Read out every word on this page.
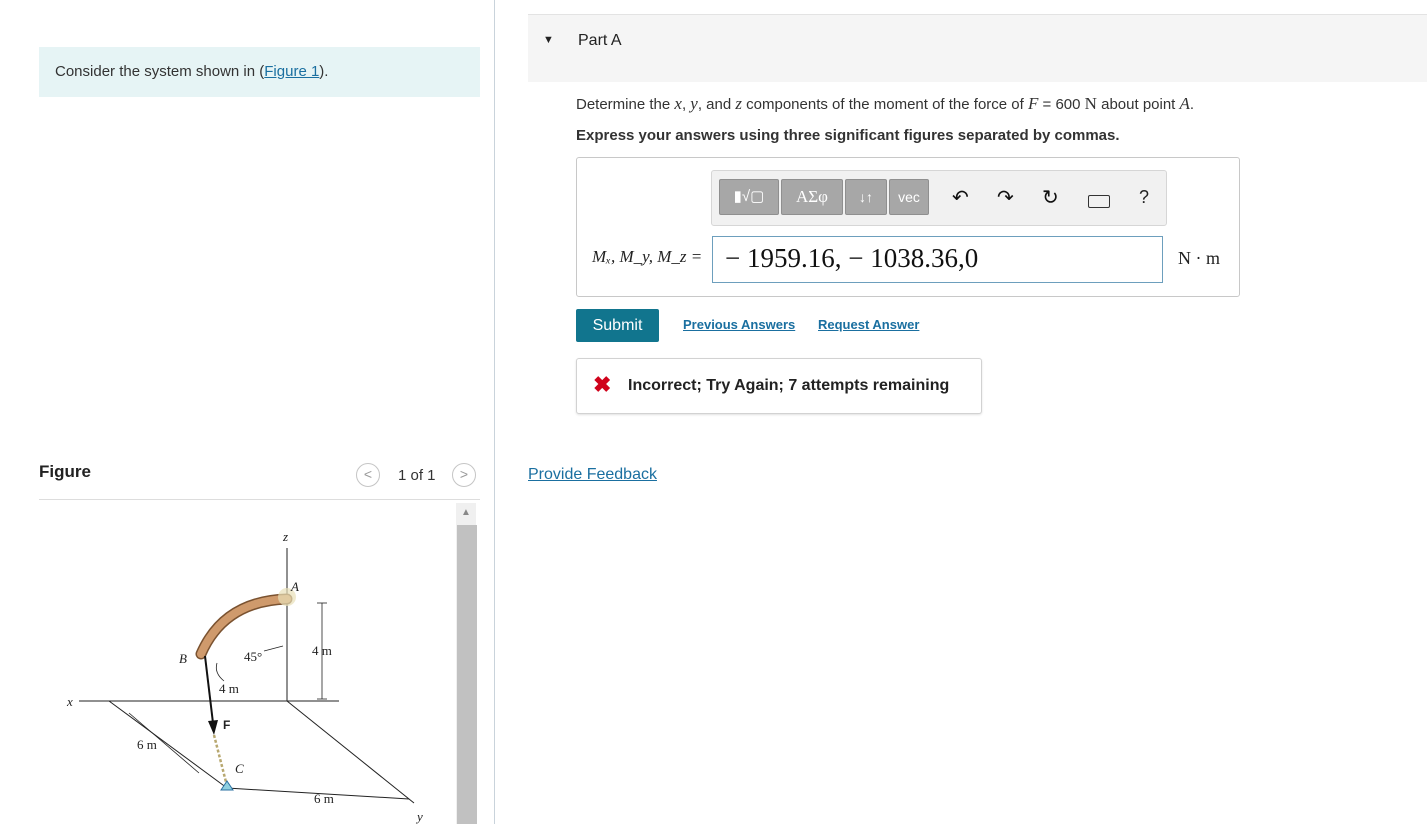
Consider the system shown in (Figure 1).
Figure	<	1 of 1	>
z
x
y
6 m
6 m
4 m
A
B	45°
4 m
F
C
▲
▼ Part A
Determine the x, y, and z components of the moment of the force of F = 600 N about point A.
Express your answers using three significant figures separated by commas.
▮√▢	ΑΣφ	↓↑	vec	↶ ↷ ↻	?
Mₓ, M_y, M_z = − 1959.16, − 1038.36,0	N · m
Submit	Previous Answers Request Answer
✖ Incorrect; Try Again; 7 attempts remaining
Provide Feedback
